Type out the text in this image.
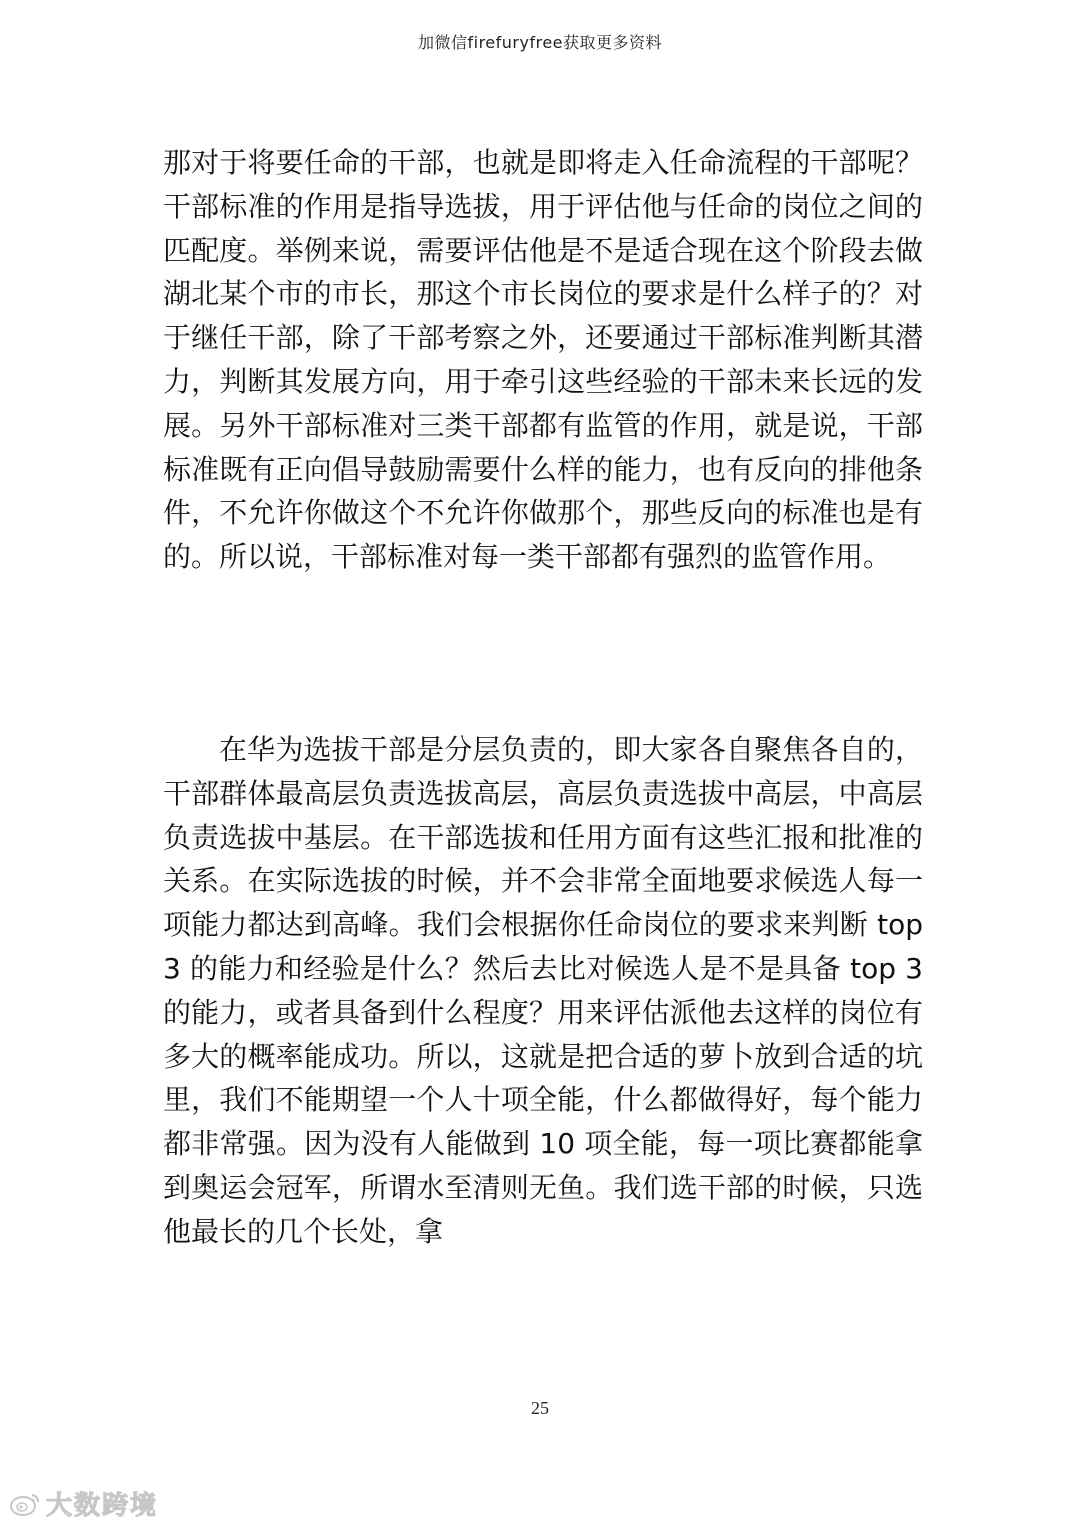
加微信firefuryfree获取更多资料

那对于将要任命的干部，也就是即将走入任命流程的干部呢？干部标准的作用是指导选拔，用于评估他与任命的岗位之间的匹配度。举例来说，需要评估他是不是适合现在这个阶段去做湖北某个市的市长，那这个市长岗位的要求是什么样子的？对于继任干部，除了干部考察之外，还要通过干部标准判断其潜力，判断其发展方向，用于牵引这些经验的干部未来长远的发展。另外干部标准对三类干部都有监管的作用，就是说，干部标准既有正向倡导鼓励需要什么样的能力，也有反向的排他条件，不允许你做这个不允许你做那个，那些反向的标准也是有的。所以说，干部标准对每一类干部都有强烈的监管作用。

在华为选拔干部是分层负责的，即大家各自聚焦各自的，干部群体最高层负责选拔高层，高层负责选拔中高层，中高层负责选拔中基层。在干部选拔和任用方面有这些汇报和批准的关系。在实际选拔的时候，并不会非常全面地要求候选人每一项能力都达到高峰。我们会根据你任命岗位的要求来判断 top3 的能力和经验是什么？然后去比对候选人是不是具备 top 3 的能力，或者具备到什么程度？用来评估派他去这样的岗位有多大的概率能成功。所以，这就是把合适的萝卜放到合适的坑里，我们不能期望一个人十项全能，什么都做得好，每个能力都非常强。因为没有人能做到 10 项全能，每一项比赛都能拿到奥运会冠军，所谓水至清则无鱼。我们选干部的时候，只选他最长的几个长处，拿

25
大数跨境
